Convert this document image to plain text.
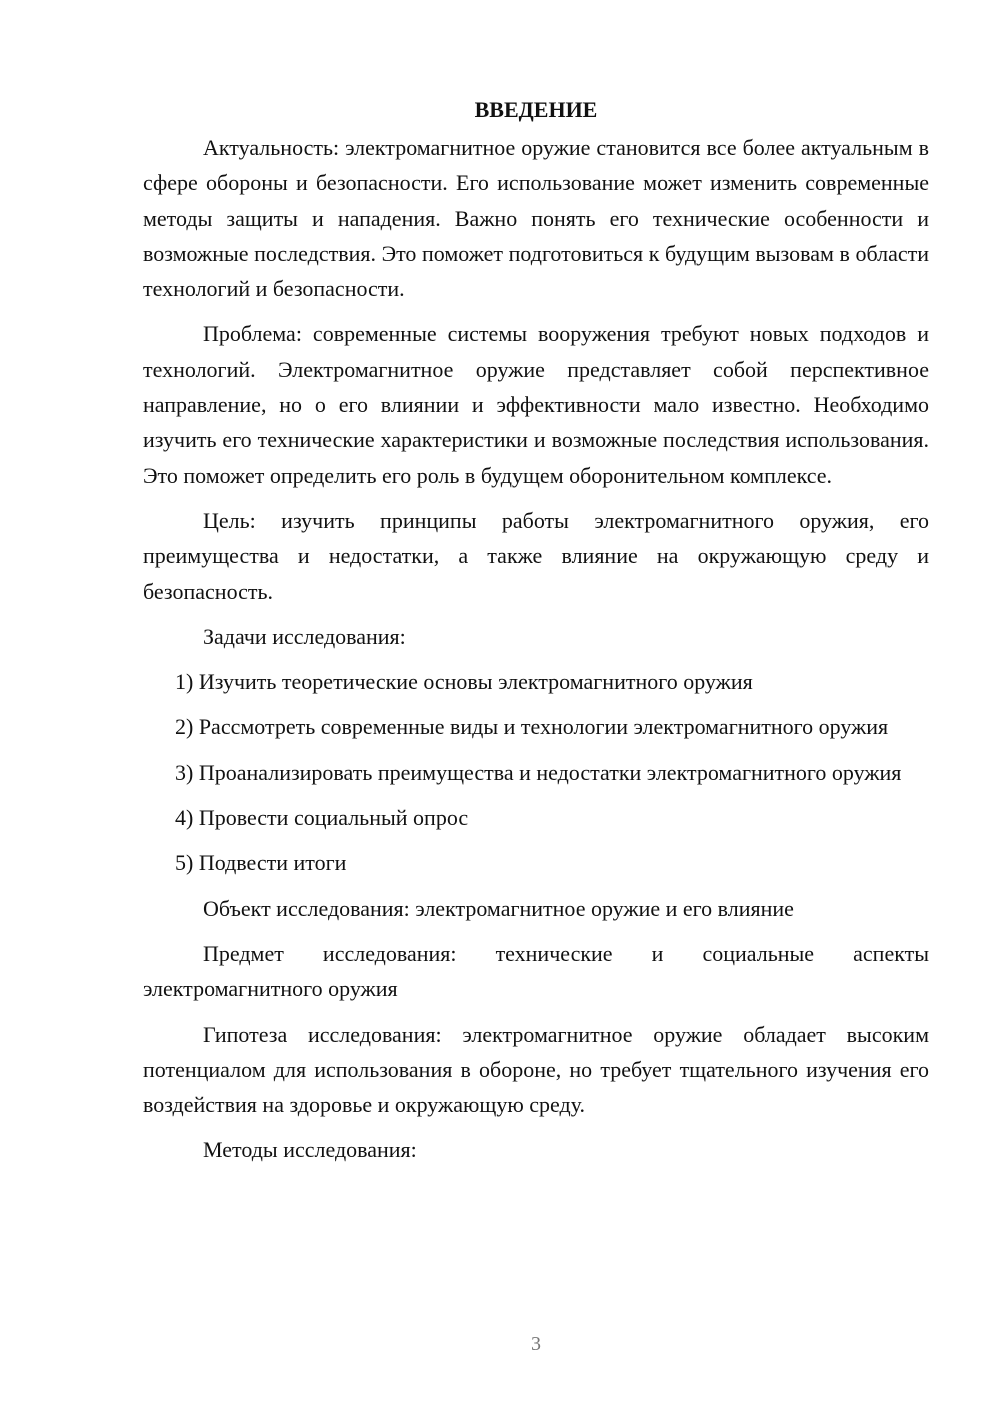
ВВЕДЕНИЕ

Актуальность: электромагнитное оружие становится все более актуальным в сфере обороны и безопасности. Его использование может изменить современные методы защиты и нападения. Важно понять его технические особенности и возможные последствия. Это поможет подготовиться к будущим вызовам в области технологий и безопасности.

Проблема: современные системы вооружения требуют новых подходов и технологий. Электромагнитное оружие представляет собой перспективное направление, но о его влиянии и эффективности мало известно. Необходимо изучить его технические характеристики и возможные последствия использования. Это поможет определить его роль в будущем оборонительном комплексе.

Цель: изучить принципы работы электромагнитного оружия, его преимущества и недостатки, а также влияние на окружающую среду и безопасность.

Задачи исследования:

1) Изучить теоретические основы электромагнитного оружия

2) Рассмотреть современные виды и технологии электромагнитного оружия

3) Проанализировать преимущества и недостатки электромагнитного оружия

4) Провести социальный опрос

5) Подвести итоги

Объект исследования: электромагнитное оружие и его влияние

Предмет исследования: технические и социальные аспекты электромагнитного оружия

Гипотеза исследования: электромагнитное оружие обладает высоким потенциалом для использования в обороне, но требует тщательного изучения его воздействия на здоровье и окружающую среду.

Методы исследования:

3
